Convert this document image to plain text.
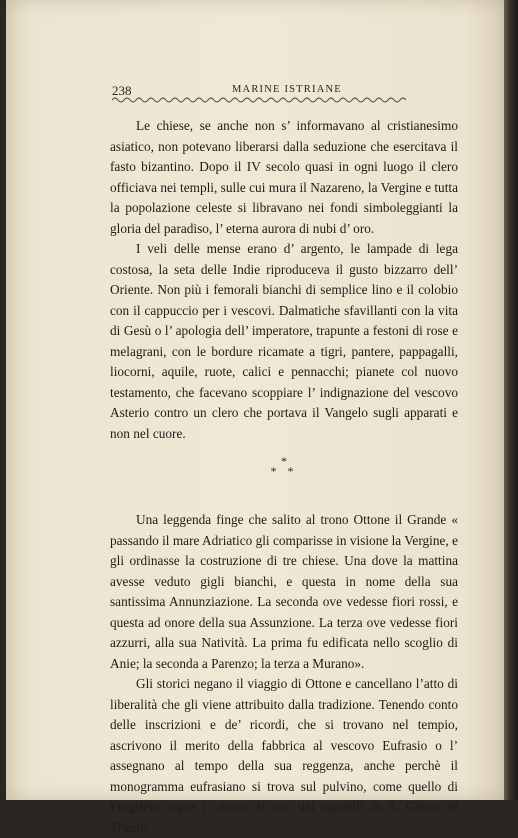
238	MARINE ISTRIANE

Le chiese, se anche non s’ informavano al cristianesimo asiatico, non potevano liberarsi dalla seduzione che esercitava il fasto bizantino. Dopo il IV secolo quasi in ogni luogo il clero officiava nei templi, sulle cui mura il Nazareno, la Vergine e tutta la popolazione celeste si libravano nei fondi simboleggianti la gloria del paradiso, l’ eterna aurora di nubi d’ oro.

I veli delle mense erano d’ argento, le lampade di lega costosa, la seta delle Indie riproduceva il gusto bizzarro dell’ Oriente. Non più i femorali bianchi di semplice lino e il colobio con il cappuccio per i vescovi. Dalmatiche sfavillanti con la vita di Gesù o l’ apologia dell’ imperatore, trapunte a festoni di rose e melagrani, con le bordure ricamate a tigri, pantere, pappagalli, liocorni, aquile, ruote, calici e pennacchi; pianete col nuovo testamento, che facevano scoppiare l’ indignazione del vescovo Asterio contro un clero che portava il Vangelo sugli apparati e non nel cuore.

*
* *

Una leggenda finge che salito al trono Ottone il Grande « passando il mare Adriatico gli comparisse in visione la Vergine, e gli ordinasse la costruzione di tre chiese. Una dove la mattina avesse veduto gigli bianchi, e questa in nome della sua santissima Annunziazione. La seconda ove vedesse fiori rossi, e questa ad onore della sua Assunzione. La terza ove vedesse fiori azzurri, alla sua Natività. La prima fu edificata nello scoglio di Anie; la seconda a Parenzo; la terza a Murano».

Gli storici negano il viaggio di Ottone e cancellano l’atto di liberalità che gli viene attribuito dalla tradizione. Tenendo conto delle inscrizioni e de’ ricordi, che si trovano nel tempio, ascrivono il merito della fabbrica al vescovo Eufrasio o l’ assegnano al tempo della sua reggenza, anche perchè il monogramma eufrasiano si trova sul pulvino, come quello di Frugifero sopra l’ abaco di uno dei capitelli in S. Giusto di Trieste.
